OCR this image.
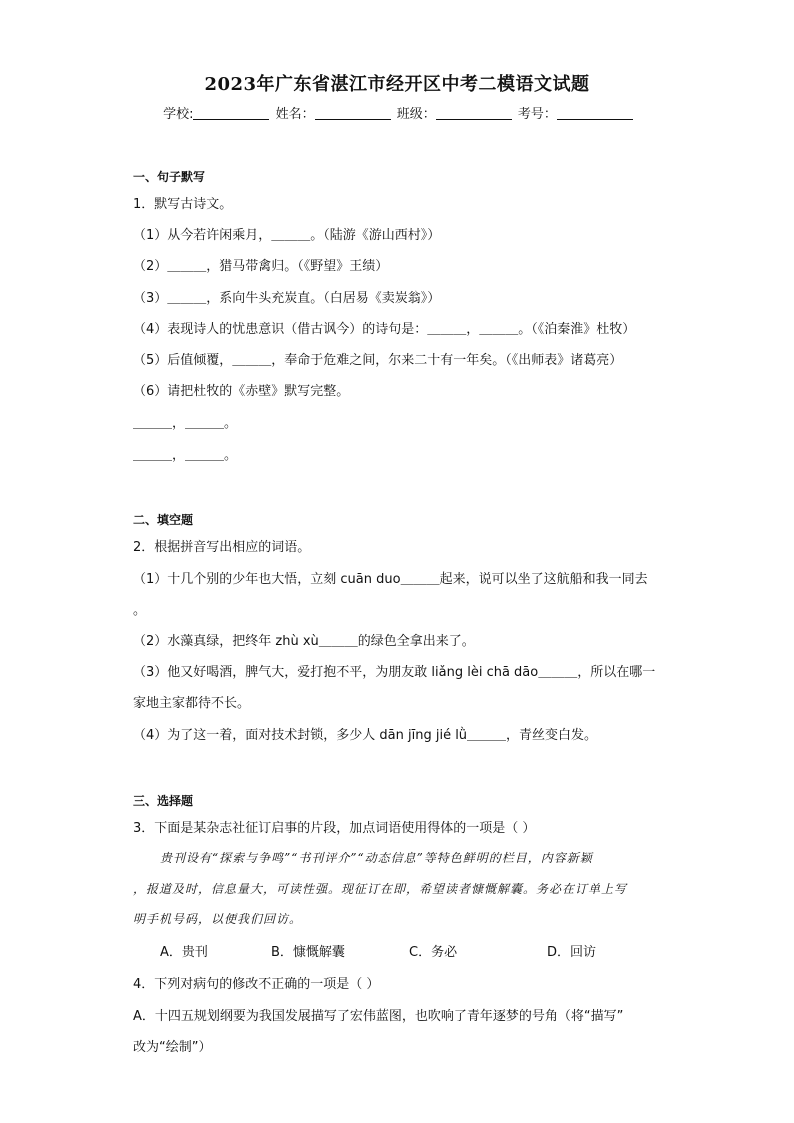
2023年广东省湛江市经开区中考二模语文试题
学校:	姓名：	班级：	考号：
一、句子默写
1．默写古诗文。
（1）从今若许闲乘月，＿＿＿。（陆游《游山西村》）
（2）＿＿＿，猎马带禽归。（《野望》王绩）
（3）＿＿＿，系向牛头充炭直。（白居易《卖炭翁》）
（4）表现诗人的忧患意识（借古讽今）的诗句是：＿＿＿，＿＿＿。（《泊秦淮》杜牧）
（5）后值倾覆，＿＿＿，奉命于危难之间，尔来二十有一年矣。（《出师表》诸葛亮）
（6）请把杜牧的《赤壁》默写完整。
＿＿＿，＿＿＿。
＿＿＿，＿＿＿。
二、填空题
2．根据拼音写出相应的词语。
（1）十几个别的少年也大悟，立刻 cuān duo＿＿＿起来，说可以坐了这航船和我一同去
。
（2）水藻真绿，把终年 zhù xù＿＿＿的绿色全拿出来了。
（3）他又好喝酒，脾气大，爱打抱不平，为朋友敢 liǎng lèi chā dāo＿＿＿，所以在哪一
家地主家都待不长。
（4）为了这一着，面对技术封锁，多少人 dān jīng jié lǜ＿＿＿，青丝变白发。
三、选择题
3．下面是某杂志社征订启事的片段，加点词语使用得体的一项是（ ）
贵刊设有“探索与争鸣”“书刊评介”“动态信息”等特色鲜明的栏目，内容新颖
，报道及时，信息量大，可读性强。现征订在即，希望读者慷慨解囊。务必在订单上写
明手机号码，以便我们回访。
A．贵刊	B．慷慨解囊	C．务必	D．回访
4．下列对病句的修改不正确的一项是（ ）
A．十四五规划纲要为我国发展描写了宏伟蓝图，也吹响了青年逐梦的号角（将“描写”
改为“绘制”）
